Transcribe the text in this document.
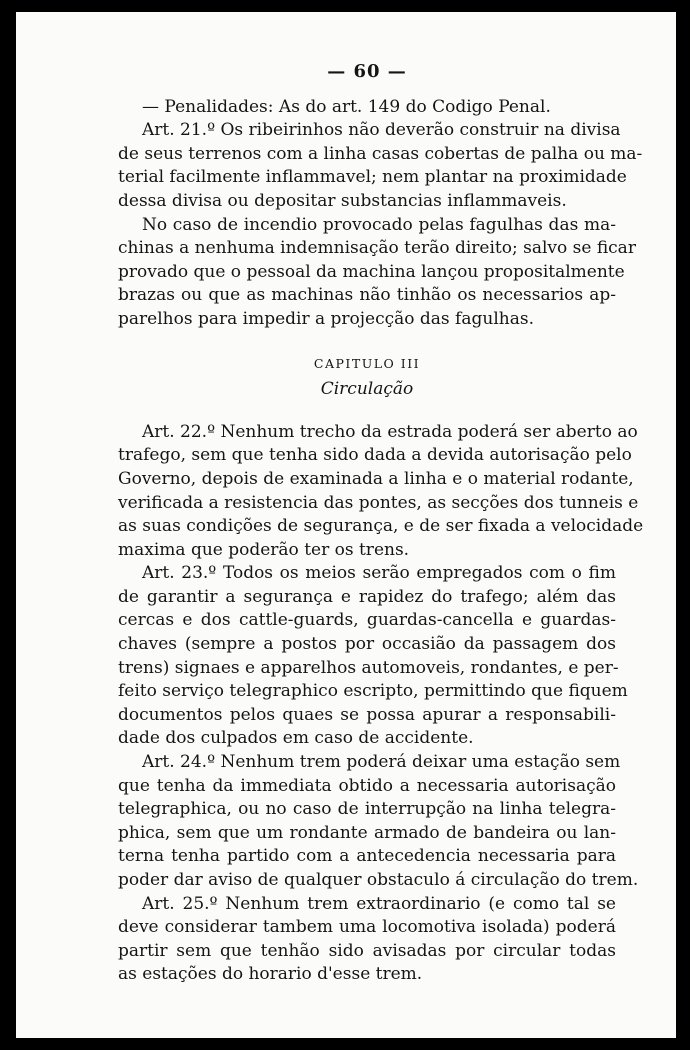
— 60 —
— Penalidades: As do art. 149 do Codigo Penal.
Art. 21.º Os ribeirinhos não deverão construir na divisa
de seus terrenos com a linha casas cobertas de palha ou ma-
terial facilmente inflammavel; nem plantar na proximidade
dessa divisa ou depositar substancias inflammaveis.
No caso de incendio provocado pelas fagulhas das ma-
chinas a nenhuma indemnisação terão direito; salvo se ficar
provado que o pessoal da machina lançou propositalmente
brazas ou que as machinas não tinhão os necessarios ap-
parelhos para impedir a projecção das fagulhas.
CAPITULO III
Circulação
Art. 22.º Nenhum trecho da estrada poderá ser aberto ao
trafego, sem que tenha sido dada a devida autorisação pelo
Governo, depois de examinada a linha e o material rodante,
verificada a resistencia das pontes, as secções dos tunneis e
as suas condições de segurança, e de ser fixada a velocidade
maxima que poderão ter os trens.
Art. 23.º Todos os meios serão empregados com o fim
de garantir a segurança e rapidez do trafego; além das
cercas e dos cattle-guards, guardas-cancella e guardas-
chaves (sempre a postos por occasião da passagem dos
trens) signaes e apparelhos automoveis, rondantes, e per-
feito serviço telegraphico escripto, permittindo que fiquem
documentos pelos quaes se possa apurar a responsabili-
dade dos culpados em caso de accidente.
Art. 24.º Nenhum trem poderá deixar uma estação sem
que tenha da immediata obtido a necessaria autorisação
telegraphica, ou no caso de interrupção na linha telegra-
phica, sem que um rondante armado de bandeira ou lan-
terna tenha partido com a antecedencia necessaria para
poder dar aviso de qualquer obstaculo á circulação do trem.
Art. 25.º Nenhum trem extraordinario (e como tal se
deve considerar tambem uma locomotiva isolada) poderá
partir sem que tenhão sido avisadas por circular todas
as estações do horario d'esse trem.
